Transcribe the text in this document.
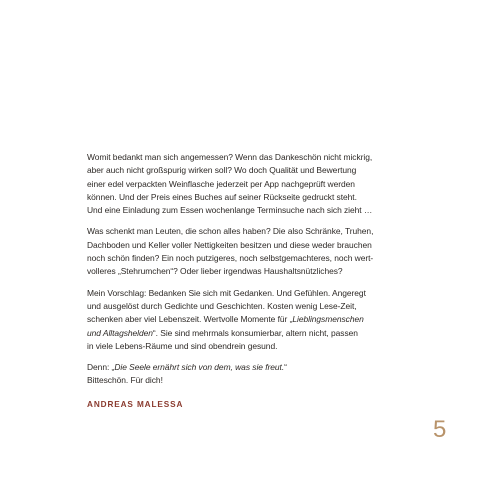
Womit bedankt man sich angemessen? Wenn das Dankeschön nicht mickrig,
aber auch nicht großspurig wirken soll? Wo doch Qualität und Bewertung
einer edel verpackten Weinflasche jederzeit per App nachgeprüft werden
können. Und der Preis eines Buches auf seiner Rückseite gedruckt steht.
Und eine Einladung zum Essen wochenlange Terminsuche nach sich zieht …
Was schenkt man Leuten, die schon alles haben? Die also Schränke, Truhen,
Dachboden und Keller voller Nettigkeiten besitzen und diese weder brauchen
noch schön finden? Ein noch putzigeres, noch selbstgemachteres, noch wert-
volleres „Stehrumchen“? Oder lieber irgendwas Haushaltsnützliches?
Mein Vorschlag: Bedanken Sie sich mit Gedanken. Und Gefühlen. Angeregt
und ausgelöst durch Gedichte und Geschichten. Kosten wenig Lese-Zeit,
schenken aber viel Lebenszeit. Wertvolle Momente für „Lieblingsmenschen
und Alltagshelden“. Sie sind mehrmals konsumierbar, altern nicht, passen
in viele Lebens-Räume und sind obendrein gesund.
Denn: „Die Seele ernährt sich von dem, was sie freut.“
Bitteschön. Für dich!
ANDREAS MALESSA
5
